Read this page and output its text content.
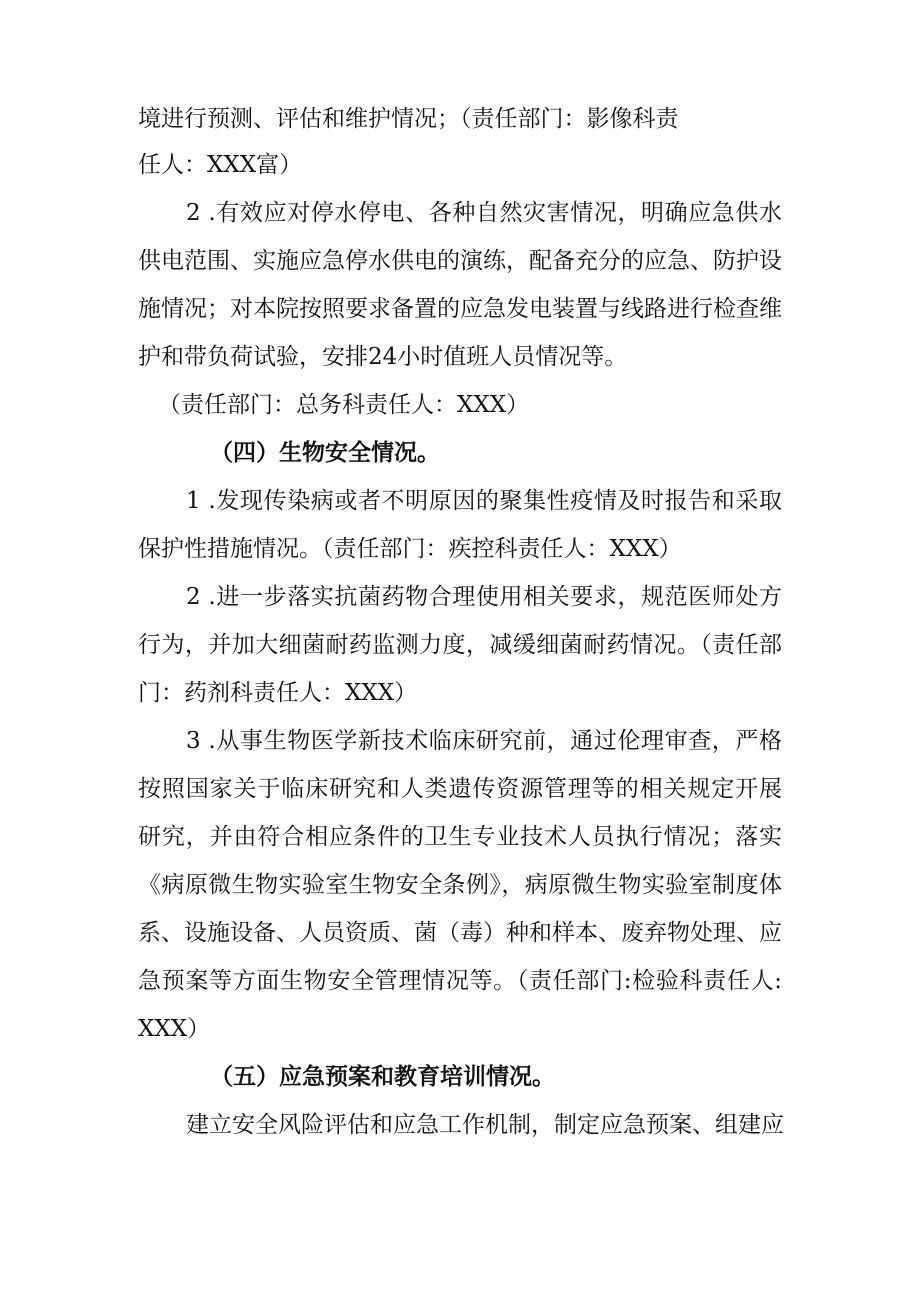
境进行预测、评估和维护情况；（责任部门：影像科责
任人：XXX富）
2 .有效应对停水停电、各种自然灾害情况，明确应急供水
供电范围、实施应急停水供电的演练，配备充分的应急、防护设
施情况；对本院按照要求备置的应急发电装置与线路进行检查维
护和带负荷试验，安排24小时值班人员情况等。
（责任部门：总务科责任人：XXX）
（四）生物安全情况。
1 .发现传染病或者不明原因的聚集性疫情及时报告和采取
保护性措施情况。（责任部门：疾控科责任人：XXX）
2 .进一步落实抗菌药物合理使用相关要求，规范医师处方
行为，并加大细菌耐药监测力度，减缓细菌耐药情况。（责任部
门：药剂科责任人：XXX）
3 .从事生物医学新技术临床研究前，通过伦理审查，严格
按照国家关于临床研究和人类遗传资源管理等的相关规定开展
研究，并由符合相应条件的卫生专业技术人员执行情况；落实
《病原微生物实验室生物安全条例》，病原微生物实验室制度体
系、设施设备、人员资质、菌（毒）种和样本、废弃物处理、应
急预案等方面生物安全管理情况等。（责任部门:检验科责任人:
XXX）
（五）应急预案和教育培训情况。
建立安全风险评估和应急工作机制，制定应急预案、组建应
